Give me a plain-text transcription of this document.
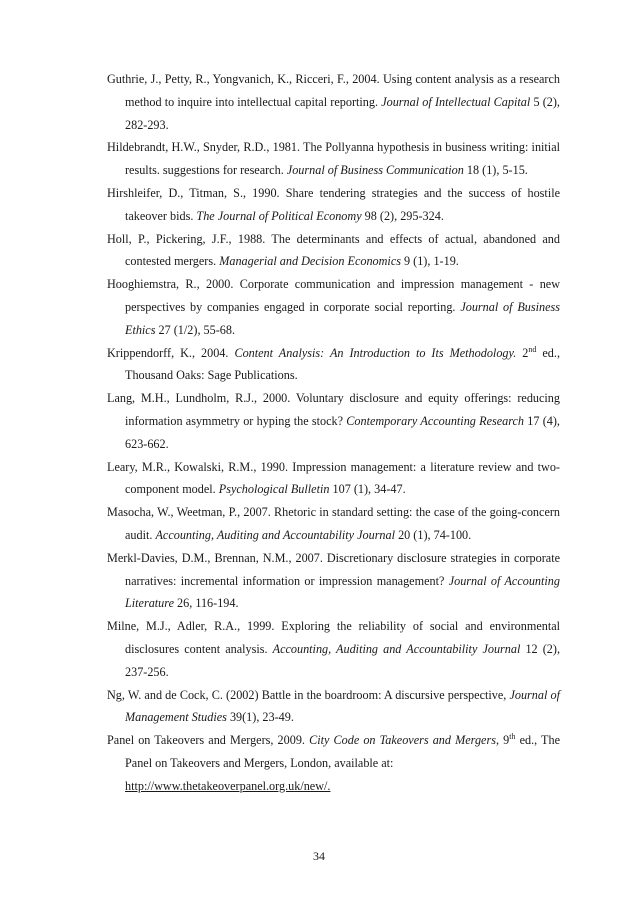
Guthrie, J., Petty, R., Yongvanich, K., Ricceri, F., 2004. Using content analysis as a research method to inquire into intellectual capital reporting. Journal of Intellectual Capital 5 (2), 282-293.

Hildebrandt, H.W., Snyder, R.D., 1981. The Pollyanna hypothesis in business writing: initial results. suggestions for research. Journal of Business Communication 18 (1), 5-15.

Hirshleifer, D., Titman, S., 1990. Share tendering strategies and the success of hostile takeover bids. The Journal of Political Economy 98 (2), 295-324.

Holl, P., Pickering, J.F., 1988. The determinants and effects of actual, abandoned and contested mergers. Managerial and Decision Economics 9 (1), 1-19.

Hooghiemstra, R., 2000. Corporate communication and impression management - new perspectives by companies engaged in corporate social reporting. Journal of Business Ethics 27 (1/2), 55-68.

Krippendorff, K., 2004. Content Analysis: An Introduction to Its Methodology. 2nd ed., Thousand Oaks: Sage Publications.

Lang, M.H., Lundholm, R.J., 2000. Voluntary disclosure and equity offerings: reducing information asymmetry or hyping the stock? Contemporary Accounting Research 17 (4), 623-662.

Leary, M.R., Kowalski, R.M., 1990. Impression management: a literature review and two-component model. Psychological Bulletin 107 (1), 34-47.

Masocha, W., Weetman, P., 2007. Rhetoric in standard setting: the case of the going-concern audit. Accounting, Auditing and Accountability Journal 20 (1), 74-100.

Merkl-Davies, D.M., Brennan, N.M., 2007. Discretionary disclosure strategies in corporate narratives: incremental information or impression management? Journal of Accounting Literature 26, 116-194.

Milne, M.J., Adler, R.A., 1999. Exploring the reliability of social and environmental disclosures content analysis. Accounting, Auditing and Accountability Journal 12 (2), 237-256.

Ng, W. and de Cock, C. (2002) Battle in the boardroom: A discursive perspective, Journal of Management Studies 39(1), 23-49.

Panel on Takeovers and Mergers, 2009. City Code on Takeovers and Mergers, 9th ed., The Panel on Takeovers and Mergers, London, available at:
http://www.thetakeoverpanel.org.uk/new/.

34
